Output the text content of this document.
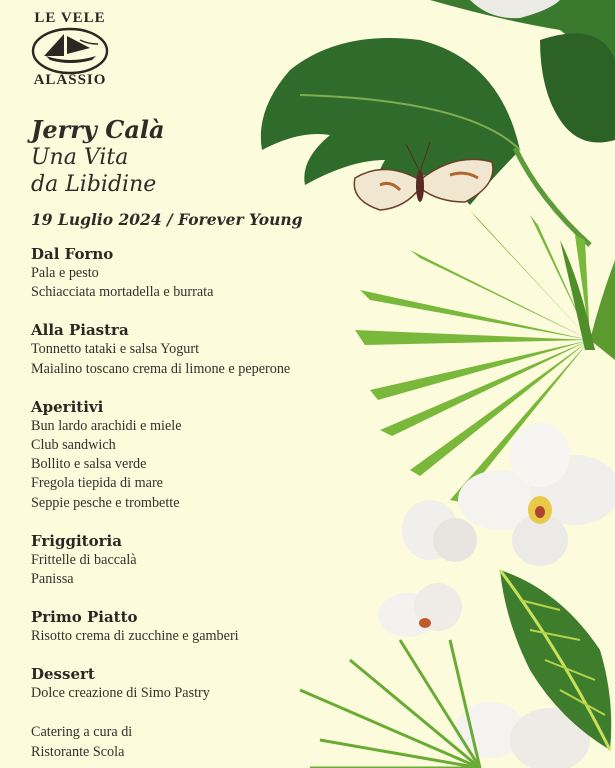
LE VELE
ALASSIO
Jerry Calà
Una Vita
da Libidine
19 Luglio 2024 / Forever Young
Dal Forno
Pala e pesto
Schiacciata mortadella e burrata
Alla Piastra
Tonnetto tataki e salsa Yogurt
Maialino toscano crema di limone e peperone
Aperitivi
Bun lardo arachidi e miele
Club sandwich
Bollito e salsa verde
Fregola tiepida di mare
Seppie pesche e trombette
Friggitoria
Frittelle di baccalà
Panissa
Primo Piatto
Risotto crema di zucchine e gamberi
Dessert
Dolce creazione di Simo Pastry
Catering a cura di
Ristorante Scola
